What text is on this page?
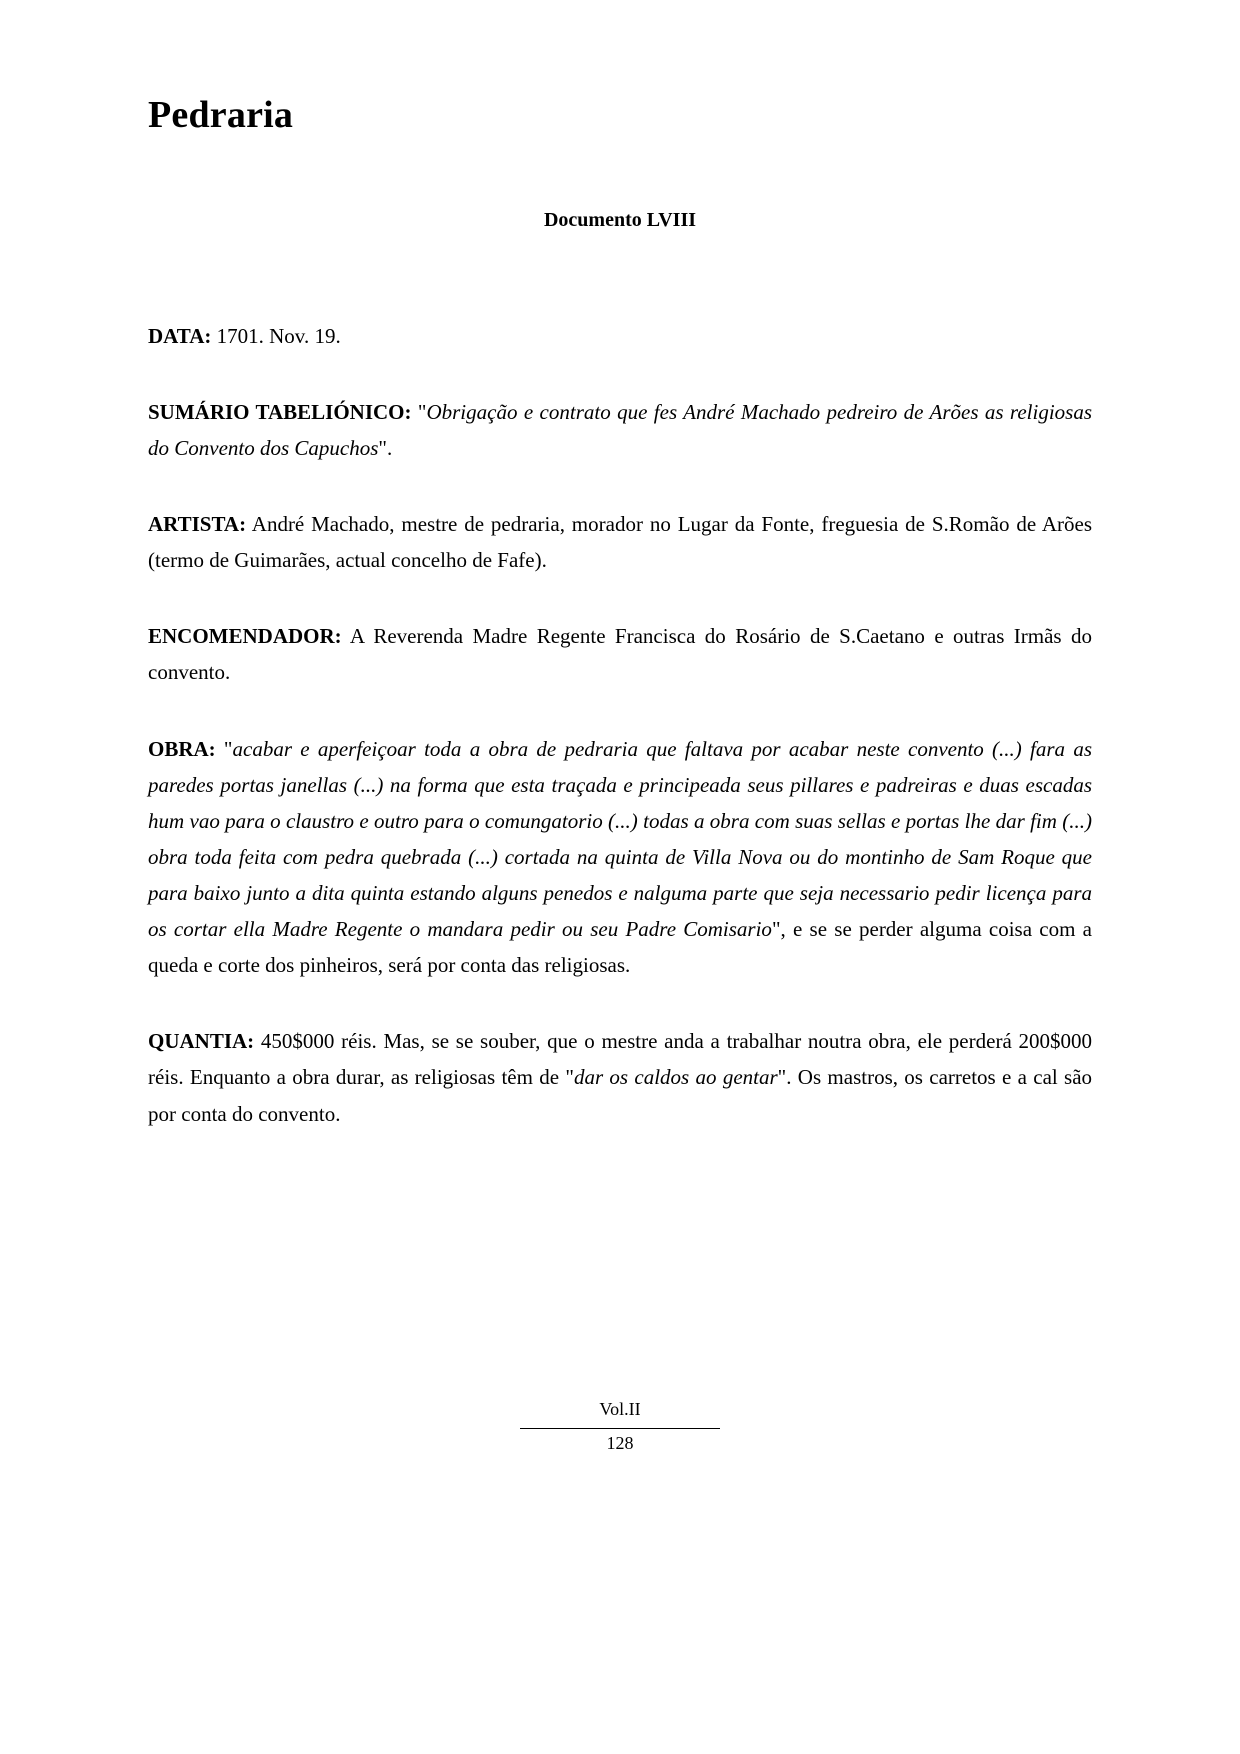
Pedraria
Documento LVIII
DATA: 1701. Nov. 19.
SUMÁRIO TABELIÓNICO: "Obrigação e contrato que fes André Machado pedreiro de Arões as religiosas do Convento dos Capuchos".
ARTISTA: André Machado, mestre de pedraria, morador no Lugar da Fonte, freguesia de S.Romão de Arões (termo de Guimarães, actual concelho de Fafe).
ENCOMENDADOR: A Reverenda Madre Regente Francisca do Rosário de S.Caetano e outras Irmãs do convento.
OBRA: "acabar e aperfeiçoar toda a obra de pedraria que faltava por acabar neste convento (...) fara as paredes portas janellas (...) na forma que esta traçada e principeada seus pillares e padreiras e duas escadas hum vao para o claustro e outro para o comungatorio (...) todas a obra com suas sellas e portas lhe dar fim (...) obra toda feita com pedra quebrada (...) cortada na quinta de Villa Nova ou do montinho de Sam Roque que para baixo junto a dita quinta estando alguns penedos e nalguma parte que seja necessario pedir licença para os cortar ella Madre Regente o mandara pedir ou seu Padre Comisario", e se se perder alguma coisa com a queda e corte dos pinheiros, será por conta das religiosas.
QUANTIA: 450$000 réis. Mas, se se souber, que o mestre anda a trabalhar noutra obra, ele perderá 200$000 réis. Enquanto a obra durar, as religiosas têm de "dar os caldos ao gentar". Os mastros, os carretos e a cal são por conta do convento.
Vol.II
128
